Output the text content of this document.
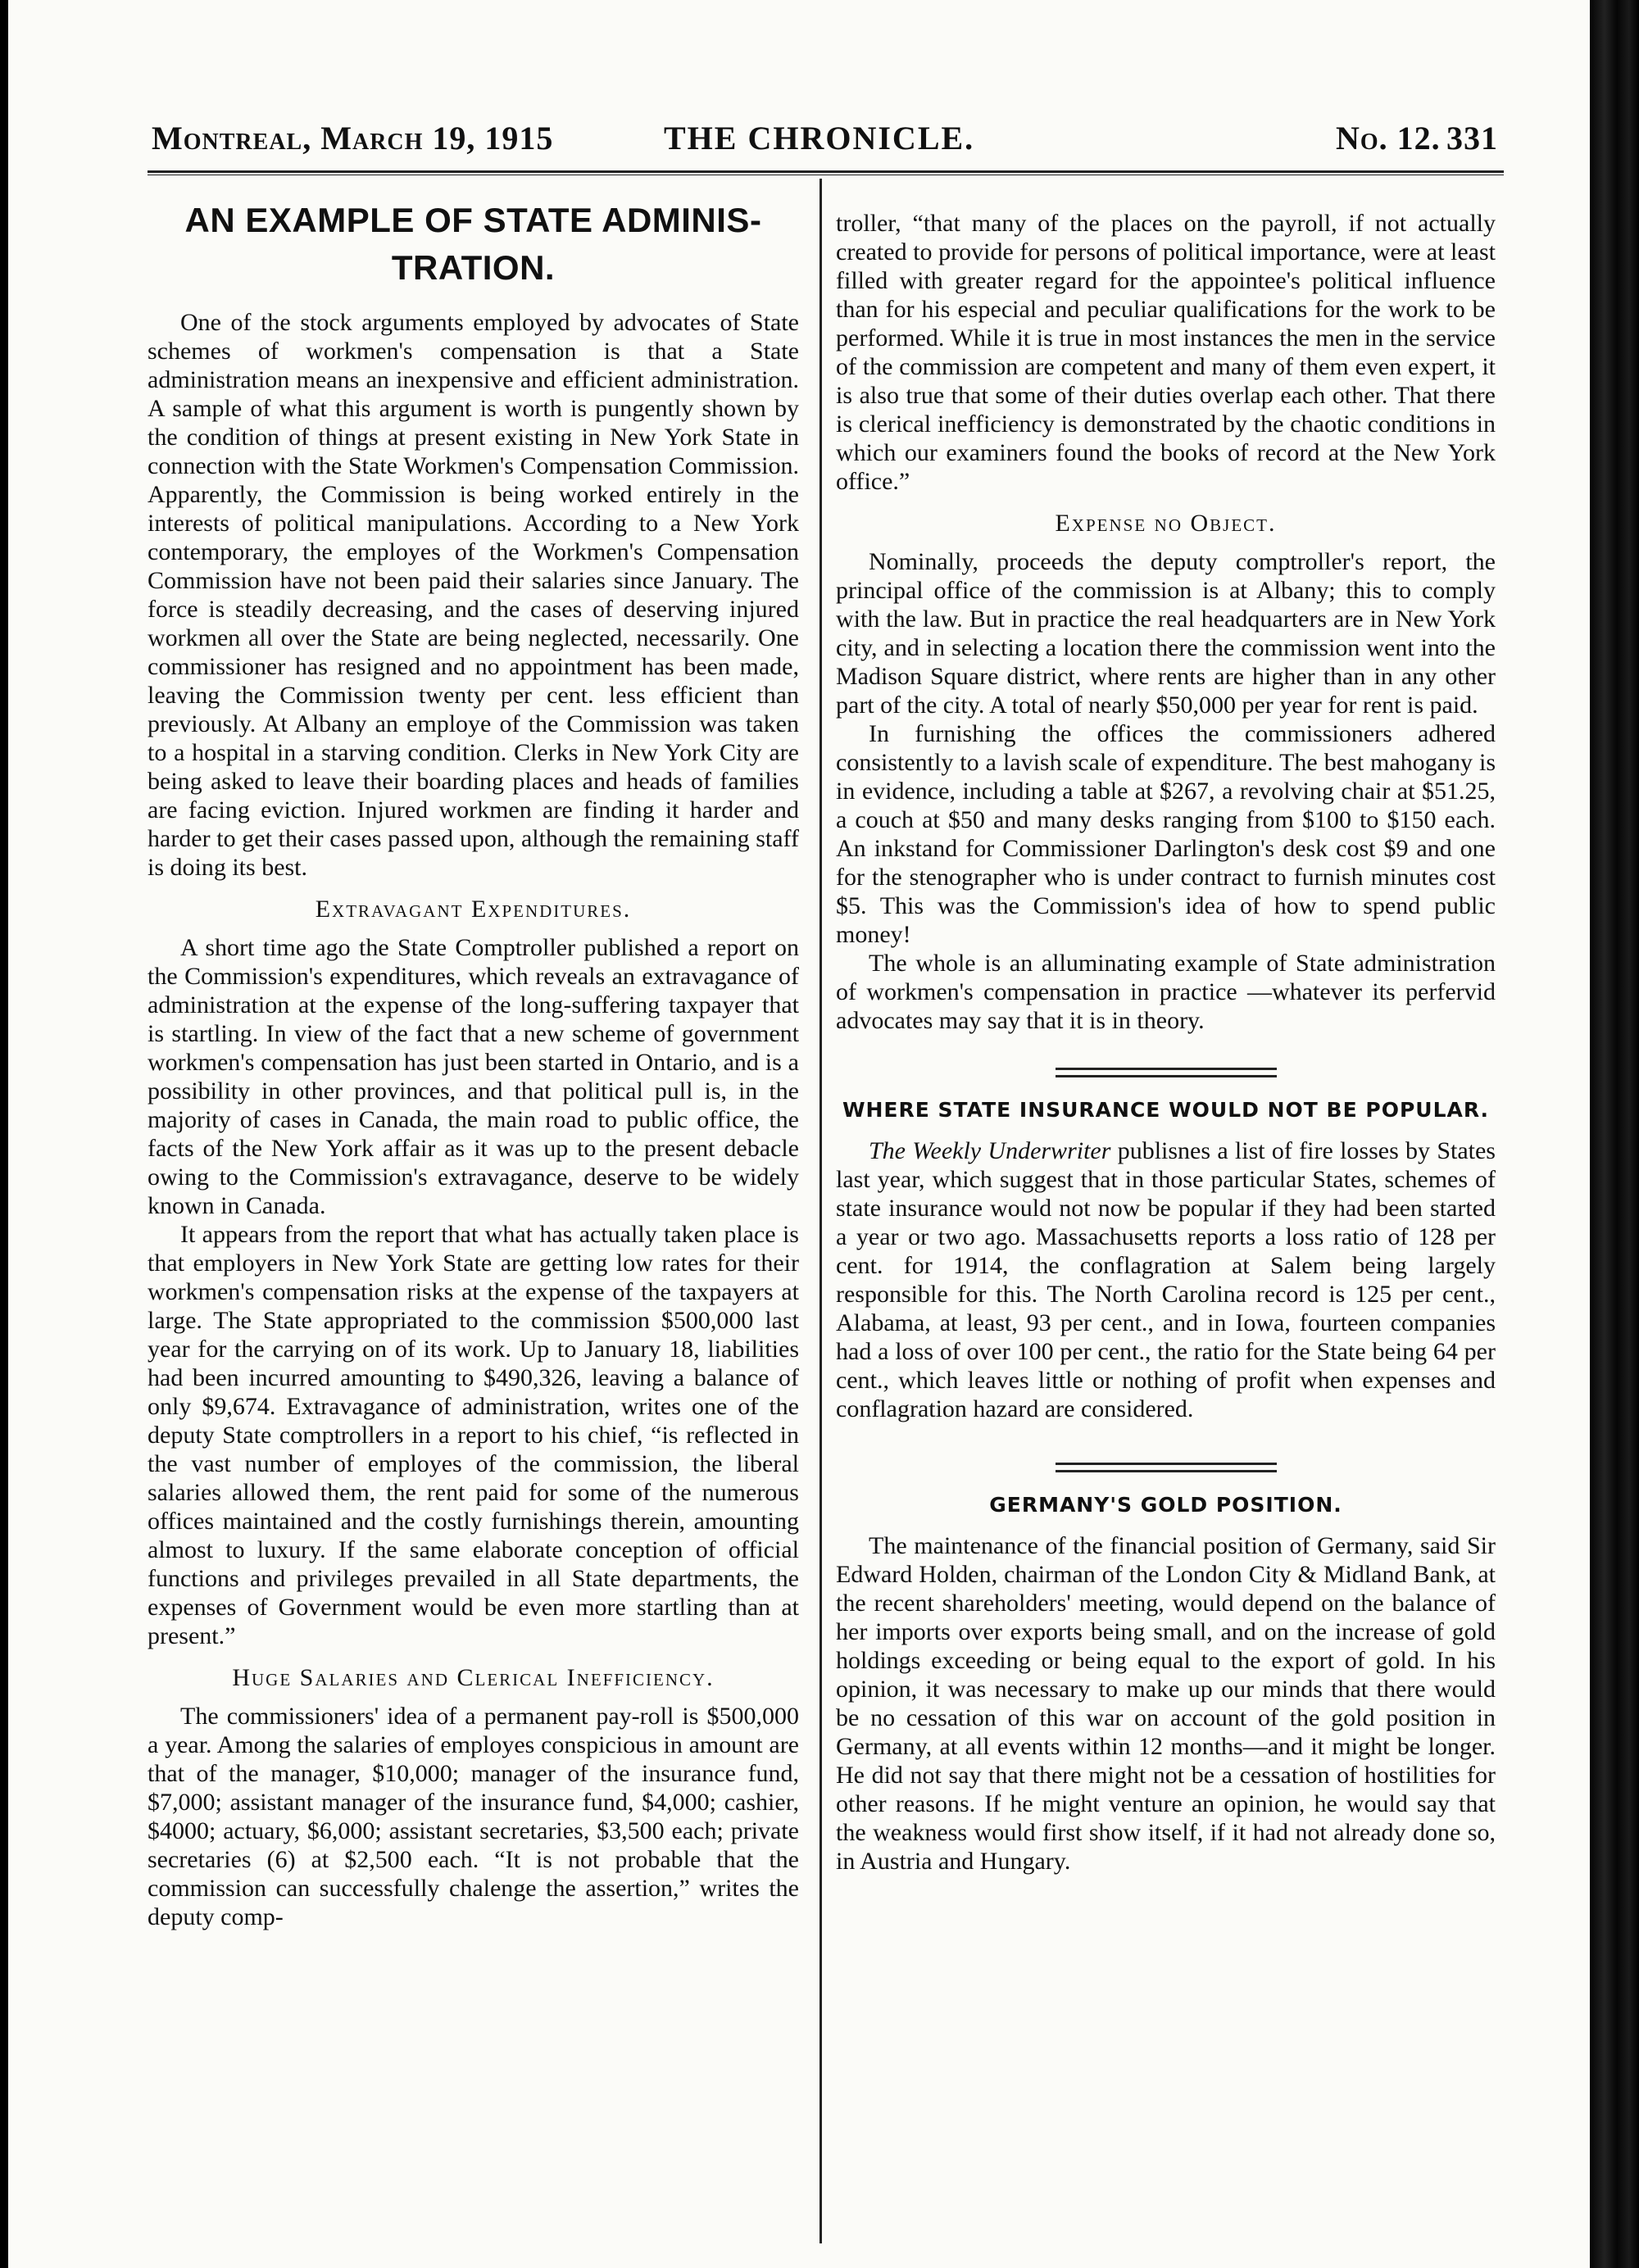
Montreal, March 19, 1915	THE CHRONICLE.	No. 12. 331
AN EXAMPLE OF STATE ADMINIS-
TRATION.

One of the stock arguments employed by advocates of State schemes of workmen's compensation is that a State administration means an inexpensive and efficient administration. A sample of what this argument is worth is pungently shown by the condition of things at present existing in New York State in connection with the State Workmen's Compensation Commission. Apparently, the Commission is being worked entirely in the interests of political manipulations. According to a New York contemporary, the employes of the Workmen's Compensation Commission have not been paid their salaries since January. The force is steadily decreasing, and the cases of deserving injured workmen all over the State are being neglected, necessarily. One commissioner has resigned and no appointment has been made, leaving the Commission twenty per cent. less efficient than previously. At Albany an employe of the Commission was taken to a hospital in a starving condition. Clerks in New York City are being asked to leave their boarding places and heads of families are facing eviction. Injured workmen are finding it harder and harder to get their cases passed upon, although the remaining staff is doing its best.

Extravagant Expenditures.

A short time ago the State Comptroller published a report on the Commission's expenditures, which reveals an extravagance of administration at the expense of the long-suffering taxpayer that is startling. In view of the fact that a new scheme of government workmen's compensation has just been started in Ontario, and is a possibility in other provinces, and that political pull is, in the majority of cases in Canada, the main road to public office, the facts of the New York affair as it was up to the present debacle owing to the Commission's extravagance, deserve to be widely known in Canada.

It appears from the report that what has actually taken place is that employers in New York State are getting low rates for their workmen's compensation risks at the expense of the taxpayers at large. The State appropriated to the commission $500,000 last year for the carrying on of its work. Up to January 18, liabilities had been incurred amounting to $490,326, leaving a balance of only $9,674. Extravagance of administration, writes one of the deputy State comptrollers in a report to his chief, “is reflected in the vast number of employes of the commission, the liberal salaries allowed them, the rent paid for some of the numerous offices maintained and the costly furnishings therein, amounting almost to luxury. If the same elaborate conception of official functions and privileges prevailed in all State departments, the expenses of Government would be even more startling than at present.”

Huge Salaries and Clerical Inefficiency.

The commissioners' idea of a permanent pay-roll is $500,000 a year. Among the salaries of employes conspicious in amount are that of the manager, $10,000; manager of the insurance fund, $7,000; assistant manager of the insurance fund, $4,000; cashier, $4000; actuary, $6,000; assistant secretaries, $3,500 each; private secretaries (6) at $2,500 each. “It is not probable that the commission can successfully chalenge the assertion,” writes the deputy comp-

troller, “that many of the places on the payroll, if not actually created to provide for persons of political importance, were at least filled with greater regard for the appointee's political influence than for his especial and peculiar qualifications for the work to be performed. While it is true in most instances the men in the service of the commission are competent and many of them even expert, it is also true that some of their duties overlap each other. That there is clerical inefficiency is demonstrated by the chaotic conditions in which our examiners found the books of record at the New York office.”

Expense no Object.

Nominally, proceeds the deputy comptroller's report, the principal office of the commission is at Albany; this to comply with the law. But in practice the real headquarters are in New York city, and in selecting a location there the commission went into the Madison Square district, where rents are higher than in any other part of the city. A total of nearly $50,000 per year for rent is paid.

In furnishing the offices the commissioners adhered consistently to a lavish scale of expenditure. The best mahogany is in evidence, including a table at $267, a revolving chair at $51.25, a couch at $50 and many desks ranging from $100 to $150 each. An inkstand for Commissioner Darlington's desk cost $9 and one for the stenographer who is under contract to furnish minutes cost $5. This was the Commission's idea of how to spend public money!

The whole is an alluminating example of State administration of workmen's compensation in practice —whatever its perfervid advocates may say that it is in theory.

WHERE STATE INSURANCE WOULD NOT BE POPULAR.

The Weekly Underwriter publisnes a list of fire losses by States last year, which suggest that in those particular States, schemes of state insurance would not now be popular if they had been started a year or two ago. Massachusetts reports a loss ratio of 128 per cent. for 1914, the conflagration at Salem being largely responsible for this. The North Carolina record is 125 per cent., Alabama, at least, 93 per cent., and in Iowa, fourteen companies had a loss of over 100 per cent., the ratio for the State being 64 per cent., which leaves little or nothing of profit when expenses and conflagration hazard are considered.

GERMANY'S GOLD POSITION.

The maintenance of the financial position of Germany, said Sir Edward Holden, chairman of the London City & Midland Bank, at the recent shareholders' meeting, would depend on the balance of her imports over exports being small, and on the increase of gold holdings exceeding or being equal to the export of gold. In his opinion, it was necessary to make up our minds that there would be no cessation of this war on account of the gold position in Germany, at all events within 12 months—and it might be longer. He did not say that there might not be a cessation of hostilities for other reasons. If he might venture an opinion, he would say that the weakness would first show itself, if it had not already done so, in Austria and Hungary.
